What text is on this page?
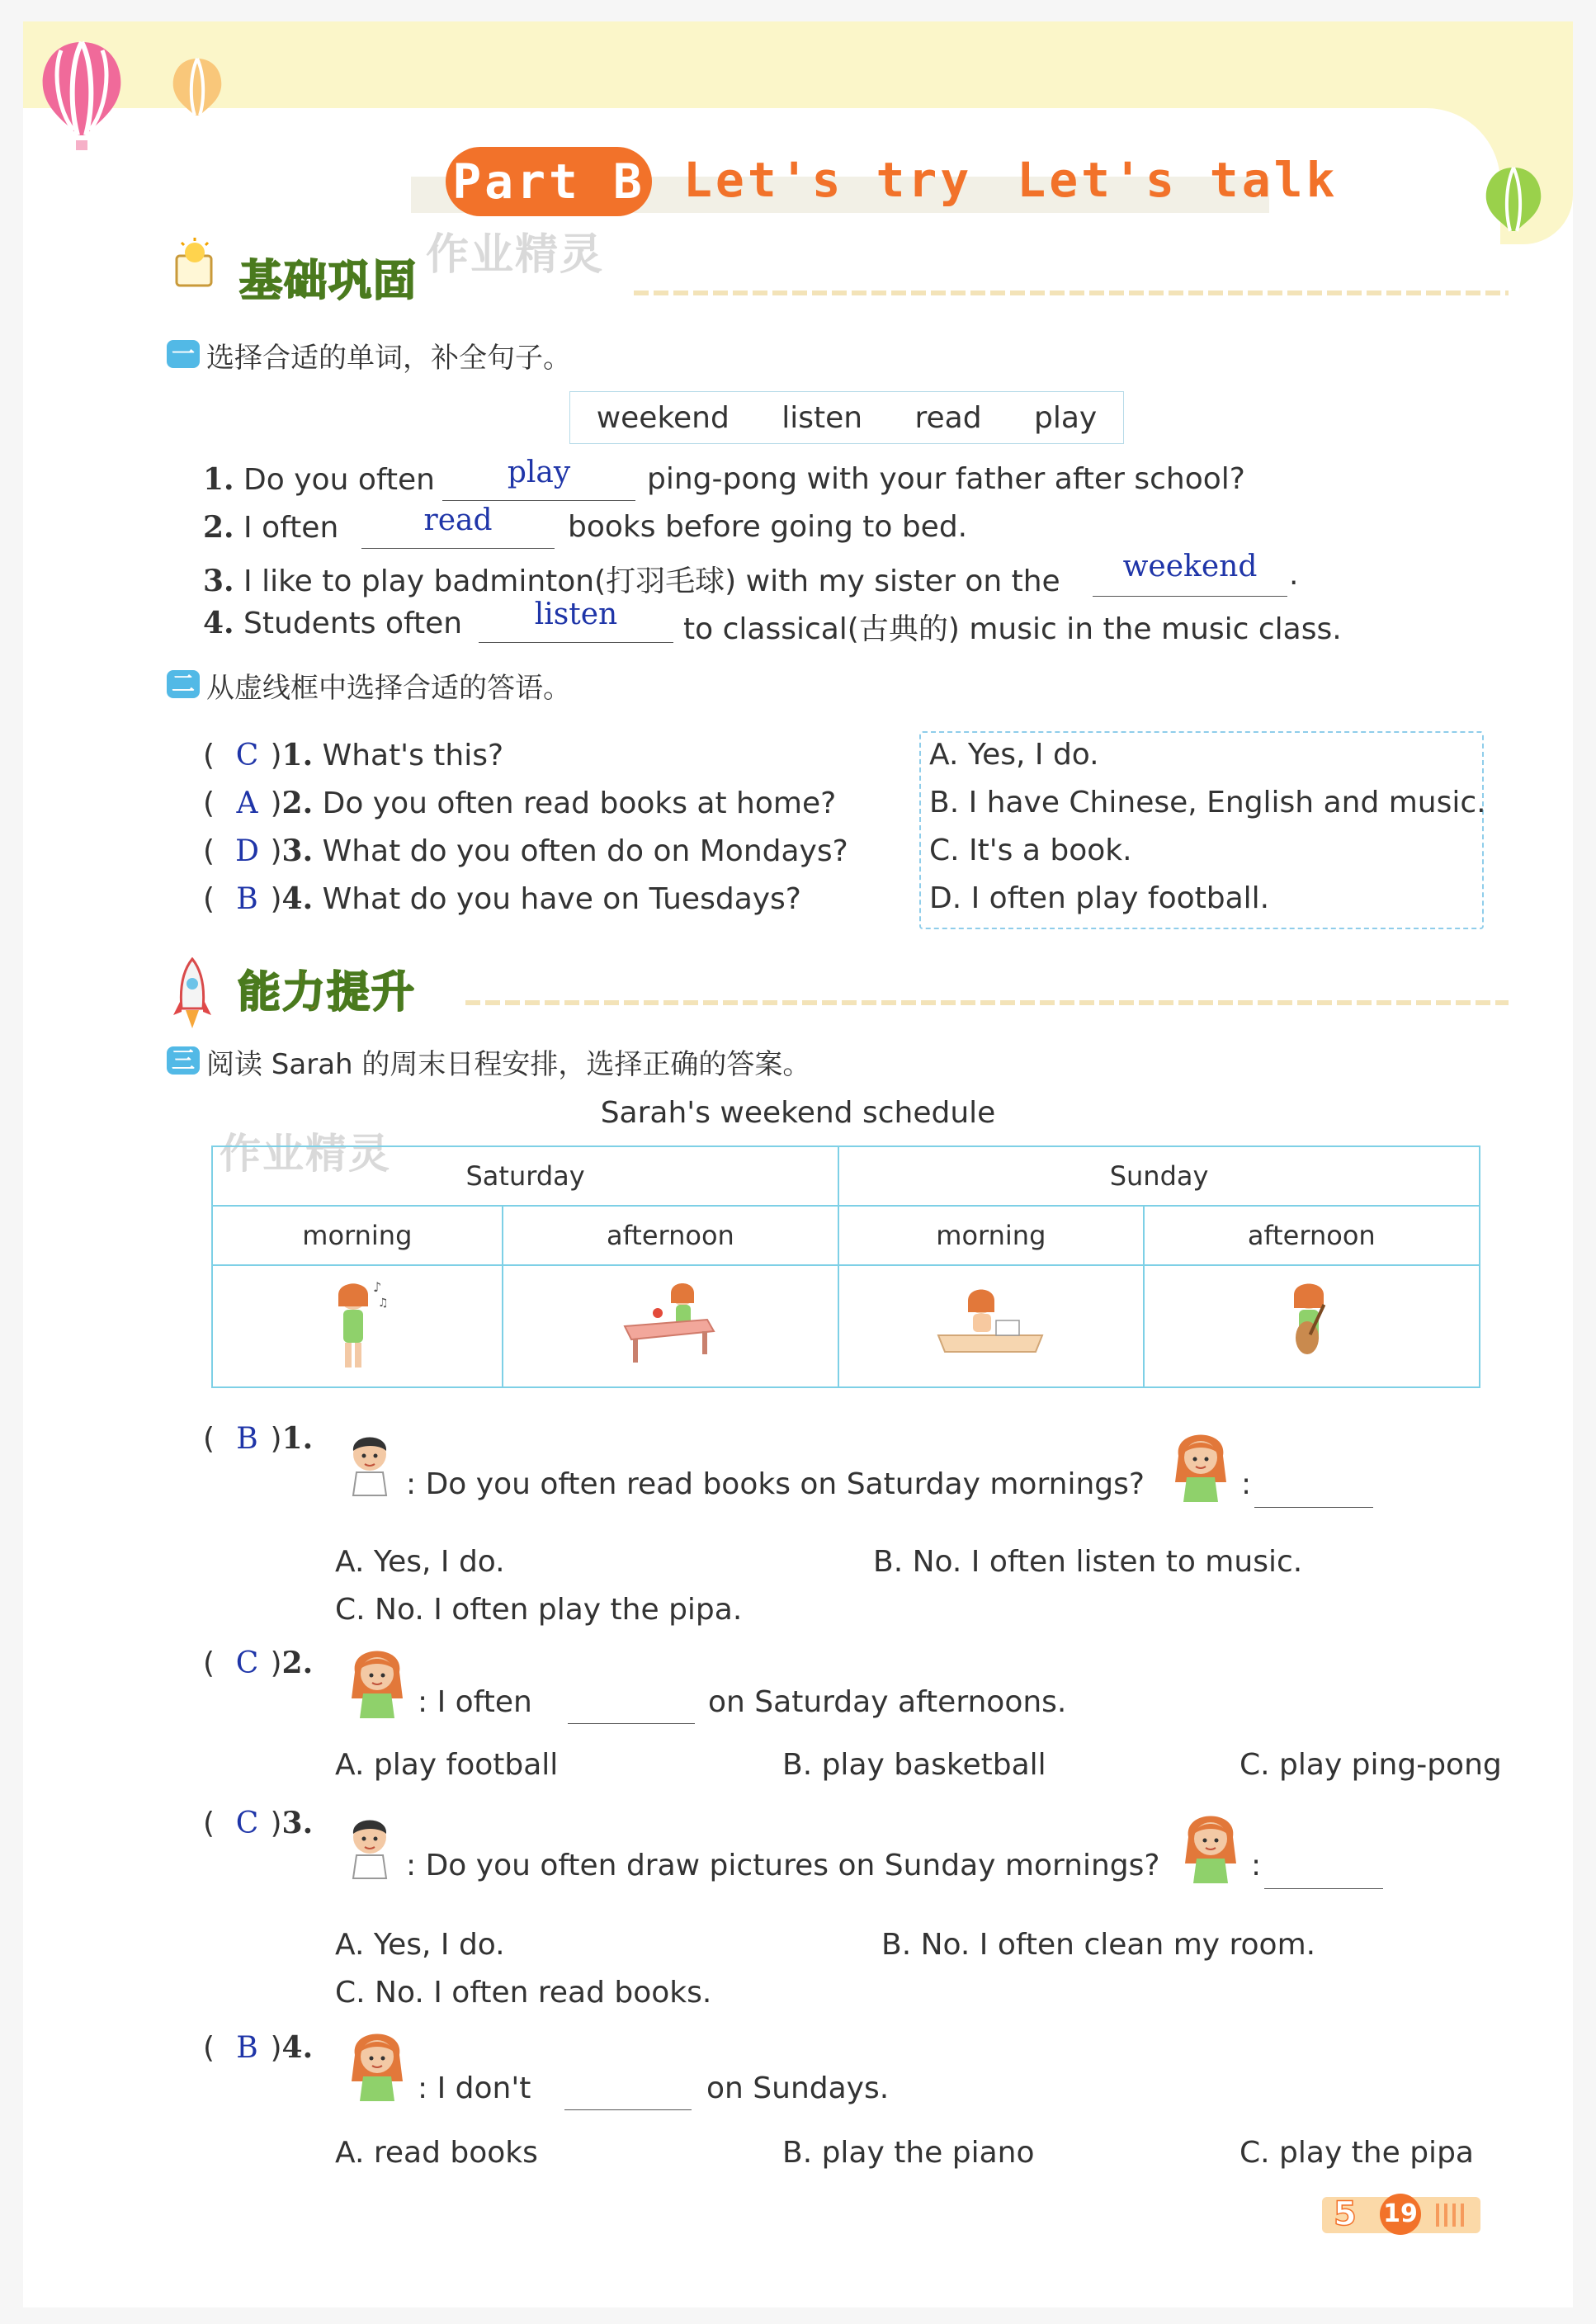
Part B Let's try Let's talk
基础巩固
作业精灵
一 选择合适的单词，补全句子。
weekend listen read play
1. Do you often	play	ping-pong with your father after school?
2. I often	read	books before going to bed.
3. I like to play badminton(打羽毛球) with my sister on the	weekend	.
4. Students often	listen	to classical(古典的) music in the music class.
二 从虚线框中选择合适的答语。
( C )1. What's this?
( A )2. Do you often read books at home?
( D )3. What do you often do on Mondays?
( B )4. What do you have on Tuesdays?
A. Yes, I do.
B. I have Chinese, English and music.
C. It's a book.
D. I often play football.
能力提升
三 阅读 Sarah 的周末日程安排，选择正确的答案。
Sarah's weekend schedule
作业精灵	Saturday		Sunday	
morning	afternoon	morning	afternoon

♪
♫

( B )1.
: Do you often read books on Saturday mornings?	:
A. Yes, I do.	B. No. I often listen to music.
C. No. I often play the pipa.
( C )2.
: I often	on Saturday afternoons.
A. play football	B. play basketball	C. play ping-pong
( C )3.
: Do you often draw pictures on Sunday mornings?	:
A. Yes, I do.	B. No. I often clean my room.
C. No. I often read books.
( B )4.
: I don't	on Sundays.
A. read books	B. play the piano	C. play the pipa
5 19
